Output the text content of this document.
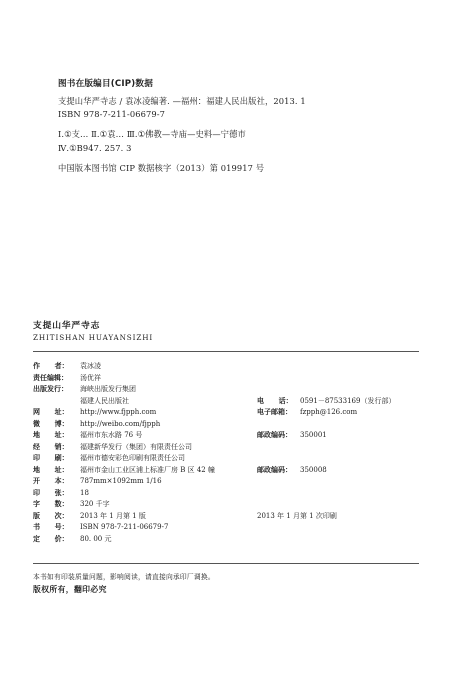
图书在版编目(CIP)数据
支提山华严寺志 / 袁冰凌编著. —福州：福建人民出版社，2013. 1
ISBN 978-7-211-06679-7
Ⅰ.①支… Ⅱ.①袁… Ⅲ.①佛教—寺庙—史料—宁德市
Ⅳ.①B947. 257. 3
中国版本图书馆 CIP 数据核字（2013）第 019917 号
支提山华严寺志
ZHITISHAN HUAYANSIZHI
作      者：	袁冰凌
责任编辑：	汤优祥
出版发行：	海峡出版发行集团
福建人民出版社	电      话： 0591－87533169（发行部）
网      址：	http://www.fjpph.com	电子邮箱： fzpph@126.com
微      博：	http://weibo.com/fjpph
地      址：	福州市东水路 76 号	邮政编码： 350001
经      销：	福建新华发行（集团）有限责任公司
印      刷：	福州市德安彩色印刷有限责任公司
地      址：	福州市金山工业区浦上标准厂房 B 区 42 幢	邮政编码： 350008
开      本：	787mm×1092mm 1/16
印      张：	18
字      数：	320 千字
版      次：	2013 年 1 月第 1 版	2013 年 1 月第 1 次印刷
书      号：	ISBN 978-7-211-06679-7
定      价：	80. 00 元
本书如有印装质量问题，影响阅读，请直接向承印厂调换。
版权所有，翻印必究
